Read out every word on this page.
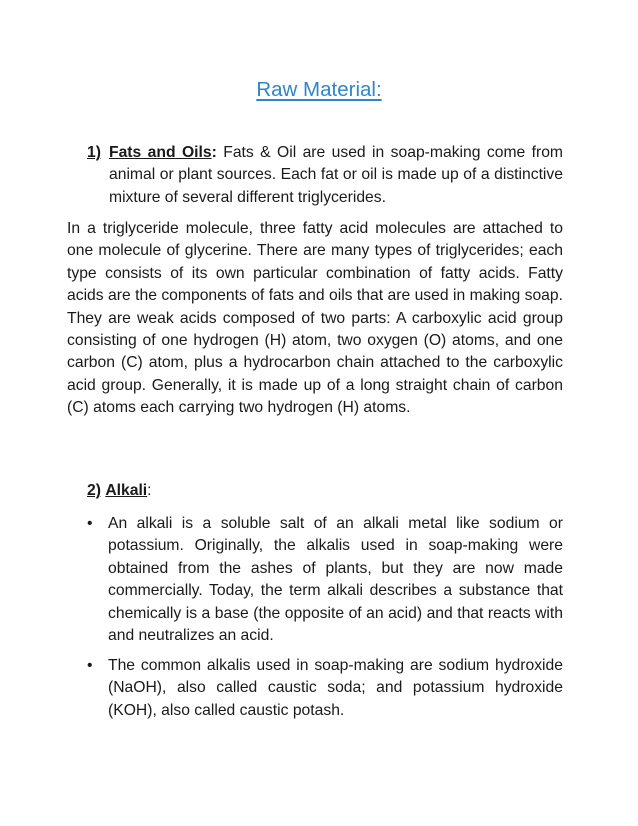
Raw Material:
1) Fats and Oils: Fats & Oil are used in soap-making come from animal or plant sources. Each fat or oil is made up of a distinctive mixture of several different triglycerides.

In a triglyceride molecule, three fatty acid molecules are attached to one molecule of glycerine. There are many types of triglycerides; each type consists of its own particular combination of fatty acids. Fatty acids are the components of fats and oils that are used in making soap. They are weak acids composed of two parts: A carboxylic acid group consisting of one hydrogen (H) atom, two oxygen (O) atoms, and one carbon (C) atom, plus a hydrocarbon chain attached to the carboxylic acid group. Generally, it is made up of a long straight chain of carbon (C) atoms each carrying two hydrogen (H) atoms.

2) Alkali:
• An alkali is a soluble salt of an alkali metal like sodium or potassium. Originally, the alkalis used in soap-making were obtained from the ashes of plants, but they are now made commercially. Today, the term alkali describes a substance that chemically is a base (the opposite of an acid) and that reacts with and neutralizes an acid.

• The common alkalis used in soap-making are sodium hydroxide (NaOH), also called caustic soda; and potassium hydroxide (KOH), also called caustic potash.
